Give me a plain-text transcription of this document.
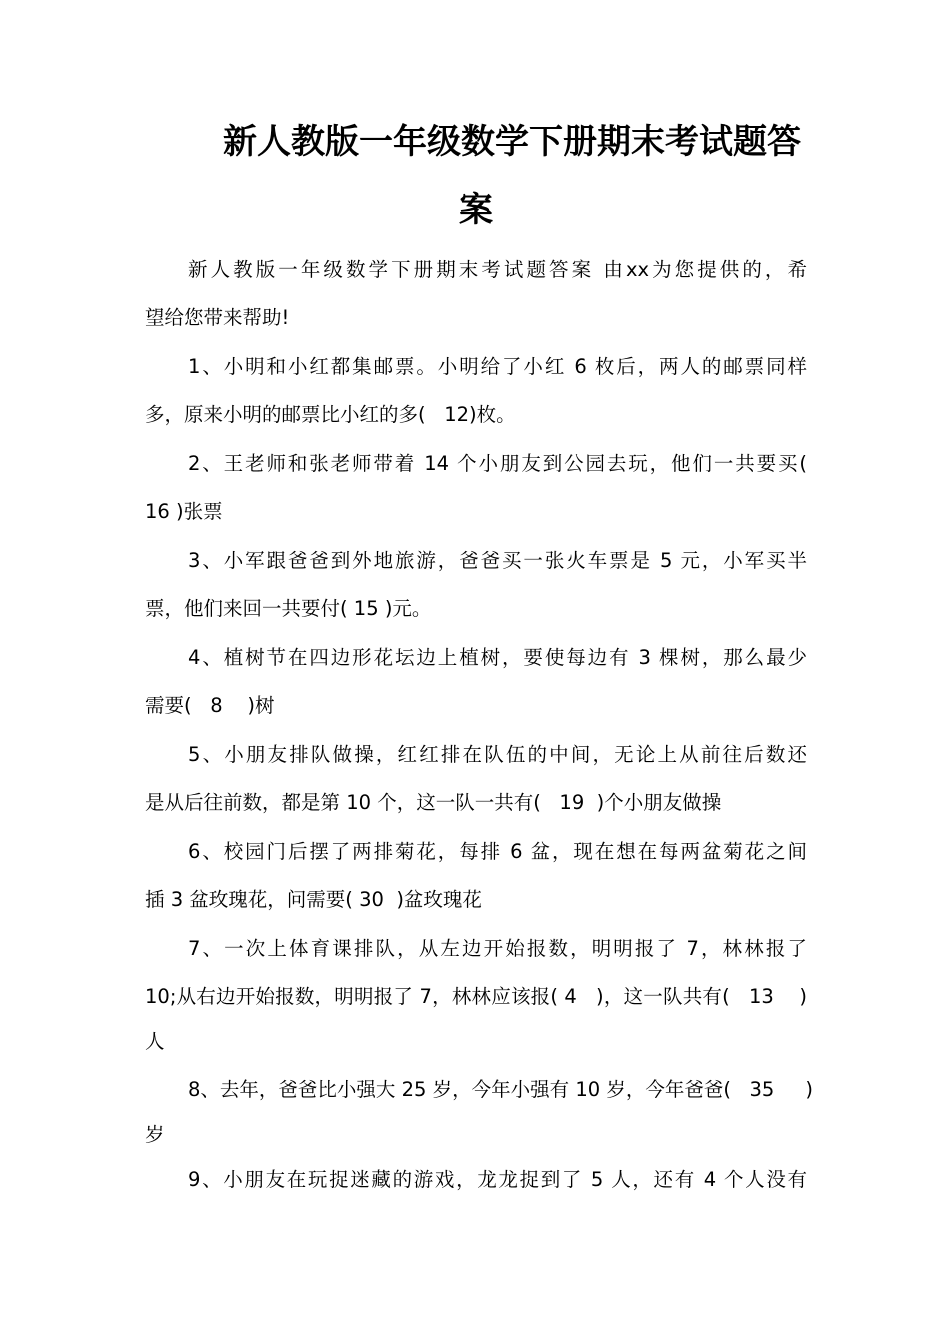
新人教版一年级数学下册期末考试题答
案

新人教版一年级数学下册期末考试题答案 由xx为您提供的，希

望给您带来帮助!

1、小明和小红都集邮票。小明给了小红 6 枚后，两人的邮票同样

多，原来小明的邮票比小红的多(   12)枚。

2、王老师和张老师带着 14 个小朋友到公园去玩，他们一共要买(

16 )张票

3、小军跟爸爸到外地旅游，爸爸买一张火车票是 5 元，小军买半

票，他们来回一共要付( 15 )元。

4、植树节在四边形花坛边上植树，要使每边有 3 棵树，那么最少

需要(   8    )树

5、小朋友排队做操，红红排在队伍的中间，无论上从前往后数还

是从后往前数，都是第 10 个，这一队一共有(   19  )个小朋友做操

6、校园门后摆了两排菊花，每排 6 盆，现在想在每两盆菊花之间

插 3 盆玫瑰花，问需要( 30  )盆玫瑰花

7、一次上体育课排队，从左边开始报数，明明报了 7，林林报了

10;从右边开始报数，明明报了 7，林林应该报( 4   )，这一队共有(   13    )

人

8、去年，爸爸比小强大 25 岁，今年小强有 10 岁，今年爸爸(   35     )

岁

9、小朋友在玩捉迷藏的游戏，龙龙捉到了 5 人，还有 4 个人没有
